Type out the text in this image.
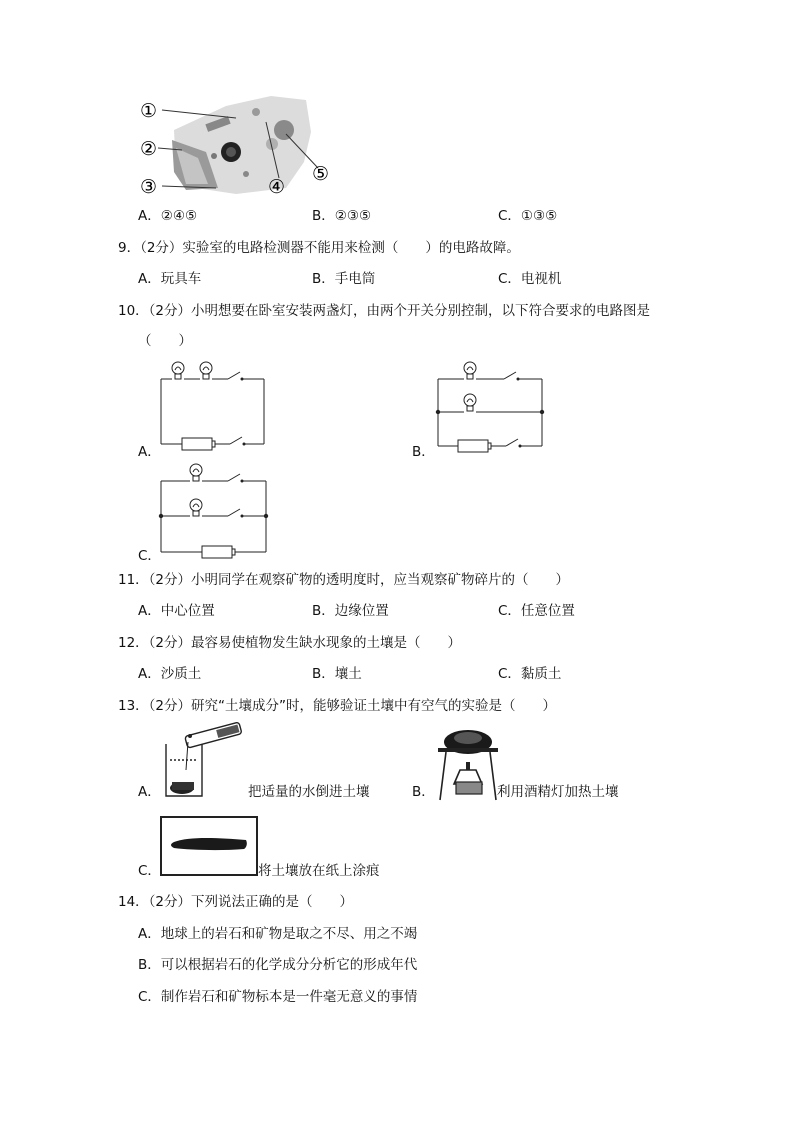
①
②
③	④
⑤
A．②④⑤	B．②③⑤	C．①③⑤
9．（2分）实验室的电路检测器不能用来检测（　　）的电路故障。
A．玩具车	B．手电筒	C．电视机
10．（2分）小明想要在卧室安装两盏灯，由两个开关分别控制，以下符合要求的电路图是
（　　）
A．	B．
C．
11．（2分）小明同学在观察矿物的透明度时，应当观察矿物碎片的（　　）
A．中心位置	B．边缘位置	C．任意位置
12．（2分）最容易使植物发生缺水现象的土壤是（　　）
A．沙质土	B．壤土	C．黏质土
13．（2分）研究“土壤成分”时，能够验证土壤中有空气的实验是（　　）
A．	把适量的水倒进土壤	B．	利用酒精灯加热土壤
C．	将土壤放在纸上涂痕
14．（2分）下列说法正确的是（　　）
A．地球上的岩石和矿物是取之不尽、用之不竭
B．可以根据岩石的化学成分分析它的形成年代
C．制作岩石和矿物标本是一件毫无意义的事情
